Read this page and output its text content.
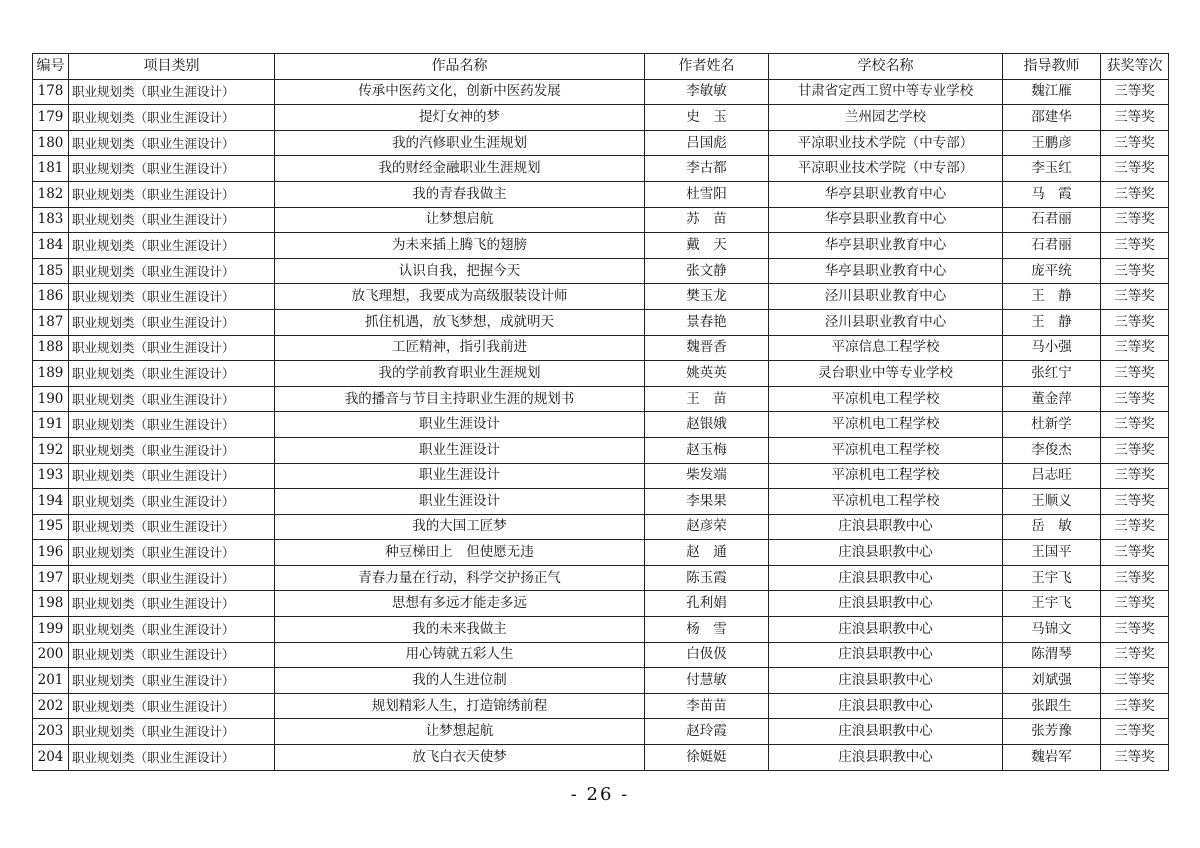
编号	项目类别	作品名称	作者姓名	学校名称	指导教师	获奖等次
178	职业规划类（职业生涯设计）	传承中医药文化，创新中医药发展	李敏敏	甘肃省定西工贸中等专业学校	魏江雁	三等奖
179	职业规划类（职业生涯设计）	提灯女神的梦	史　玉	兰州园艺学校	邵建华	三等奖
180	职业规划类（职业生涯设计）	我的汽修职业生涯规划	吕国彪	平凉职业技术学院（中专部）	王鹏彦	三等奖
181	职业规划类（职业生涯设计）	我的财经金融职业生涯规划	李古都	平凉职业技术学院（中专部）	李玉红	三等奖
182	职业规划类（职业生涯设计）	我的青春我做主	杜雪阳	华亭县职业教育中心	马　霞	三等奖
183	职业规划类（职业生涯设计）	让梦想启航	苏　苗	华亭县职业教育中心	石君丽	三等奖
184	职业规划类（职业生涯设计）	为未来插上腾飞的翅膀	戴　天	华亭县职业教育中心	石君丽	三等奖
185	职业规划类（职业生涯设计）	认识自我，把握今天	张文静	华亭县职业教育中心	庞平统	三等奖
186	职业规划类（职业生涯设计）	放飞理想，我要成为高级服装设计师	樊玉龙	泾川县职业教育中心	王　静	三等奖
187	职业规划类（职业生涯设计）	抓住机遇，放飞梦想，成就明天	景春艳	泾川县职业教育中心	王　静	三等奖
188	职业规划类（职业生涯设计）	工匠精神，指引我前进	魏晋香	平凉信息工程学校	马小强	三等奖
189	职业规划类（职业生涯设计）	我的学前教育职业生涯规划	姚英英	灵台职业中等专业学校	张红宁	三等奖
190	职业规划类（职业生涯设计）	我的播音与节目主持职业生涯的规划书	王　苗	平凉机电工程学校	董金萍	三等奖
191	职业规划类（职业生涯设计）	职业生涯设计	赵银娥	平凉机电工程学校	杜新学	三等奖
192	职业规划类（职业生涯设计）	职业生涯设计	赵玉梅	平凉机电工程学校	李俊杰	三等奖
193	职业规划类（职业生涯设计）	职业生涯设计	柴发端	平凉机电工程学校	吕志旺	三等奖
194	职业规划类（职业生涯设计）	职业生涯设计	李果果	平凉机电工程学校	王顺义	三等奖
195	职业规划类（职业生涯设计）	我的大国工匠梦	赵彦荣	庄浪县职教中心	岳　敏	三等奖
196	职业规划类（职业生涯设计）	种豆梯田上　但使愿无违	赵　通	庄浪县职教中心	王国平	三等奖
197	职业规划类（职业生涯设计）	青春力量在行动，科学交护扬正气	陈玉霞	庄浪县职教中心	王宇飞	三等奖
198	职业规划类（职业生涯设计）	思想有多远才能走多远	孔利娟	庄浪县职教中心	王宇飞	三等奖
199	职业规划类（职业生涯设计）	我的未来我做主	杨　雪	庄浪县职教中心	马锦文	三等奖
200	职业规划类（职业生涯设计）	用心铸就五彩人生	白伋伋	庄浪县职教中心	陈渭琴	三等奖
201	职业规划类（职业生涯设计）	我的人生进位制	付慧敏	庄浪县职教中心	刘斌强	三等奖
202	职业规划类（职业生涯设计）	规划精彩人生，打造锦绣前程	李苗苗	庄浪县职教中心	张跟生	三等奖
203	职业规划类（职业生涯设计）	让梦想起航	赵玲霞	庄浪县职教中心	张芳豫	三等奖
204	职业规划类（职业生涯设计）	放飞白衣天使梦	徐娗娗	庄浪县职教中心	魏岩军	三等奖
- 26 -
